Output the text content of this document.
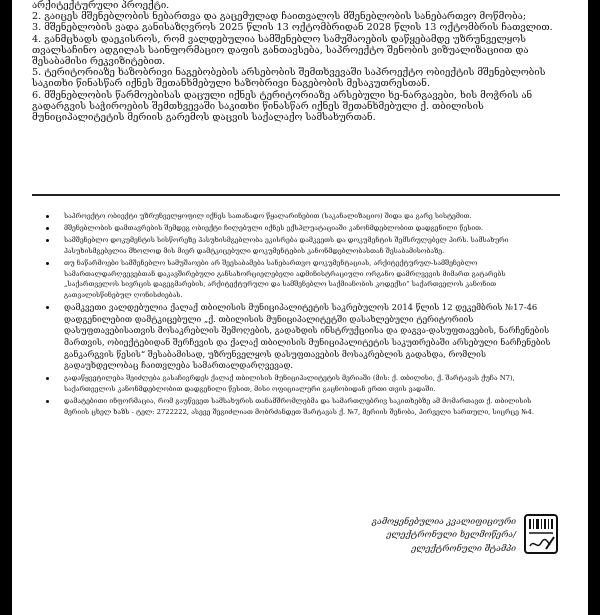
არქიტექტურული პროექტი.

2. გაიცეს მშენებლობის ნებართვა და გაცემულად ჩაითვალოს მშენებლობის სანებართვო მოწმობა;

3. მშენებლობის ვადა განისაზღვროს 2025 წლის 13 ოქტომბრიდან 2028 წლის 13 ოქტომბრის ჩათვლით.

4. განმცხადს დაეკისროს, რომ ვალდებულია სამშენებლო სამუშაოების დაწყებამდე უზრუნველყოს თვალსაჩინო ადგილას საინფორმაციო დაფის განთავსება, საპროექტო შენობის ვიზუალიზაციით და შესაბამისი რეკვიზიტებით.

5. ტერიტორიაზე ხაზობრივი ნაგებობების არსებობის შემთხვევაში საპროექტო ობიექტის მშენებლობის საკითხი წინასწარ იქნეს შეთანხმებული ხაზობრივი ნაგებობის მესაკუთრესთან.

6. მშენებლობის წარმოებისას დაცული იქნეს ტერიტორიაზე არსებული ხე-ნარგავები, ხის მოჭრის ან გადარგვის საჭიროების შემთხვევაში საკითხი წინასწარ იქნეს შეთანხმებული ქ. თბილისის მუნიციპალიტეტის მერიის გარემოს დაცვის საქალაქო სამსახურთან.

საპროექტო ობიექტი უზრუნველყოფილ იქნეს სათანადო წყალარინებით (საკანალიზაციო) შიდა და გარე სისტემით.
მშენებლობის დამთავრების შემდეგ ობიექტი ჩილებული იქნეს ექსპლუატაციაში კანონმდებლობით დადგენილი წესით.
სამშენებლო დოკუმენტის სისწორეზე პასუხისმგებლობა ეკისრება დამკვეთს და დოკუმენტის შემსრულებელ პირს. სამსახური პასუხისმგებელია მხოლოდ მის მიერ დამტკიცებული დოკუმენტების კანონმდებლობასთან შესაბამისობაზე.
თუ ნაწარმოები სამშენებლო სამუშაოები არ შეესაბამება სანებართვო დოკუმენტაციას, არქიტექტურულ-სამშენებლო სამართალდარღვევებთან დაკავშირებული განსახორციელებელი ადმინისტრაციული ორგანო დამრღვევის მიმართ გატარებს „საქართველოს სივრცის დაგეგმარების, არქიტექტურული და სამშენებლო საქმიანობის კოდექსი“ საქართველოს კანონით გათვალისწინებულ ღონისძიებას.
დამკვეთი ვალდებულია ქალაქ თბილისის მუნიციპალიტეტის საკრებულოს 2014 წლის 12 დეკემბრის №17-46 დადგენილებით დამტკიცებული „ქ. თბილისის მუნიციპალიტეტში დასახლებული ტერიტორიის დასუფთავებისათვის მოსაკრებლის შემოღების, გადახდის ინსტრუქციისა და დაგვა-დასუფთავების, ნარჩენების მართვის, ობიექტებიდან შერჩევის და ქალაქ თბილისის მუნიციპალიტეტის საკუთრებაში არსებული ნარჩენების განკარგვის წესის“ შესაბამისად, უზრუნველყოს დასუფთავების მოსაკრებლის გადახდა, რომლის გადაუხდელობაც ჩაითვლება სამართალდარღვევად.
გადაწყვეტილება შეიძლება გასაჩივრდეს ქალაქ თბილისის მუნიციპალიტეტის მერიაში (მის: ქ. თბილისი, ქ. შარტავას ქუჩა N7), საქართველოს კანონმდებლობით დადგენილი წესით, მისი ოფიციალური გაცნობიდან ერთი თვის ვადაში.
დამატებითი ინფორმაცია, რომ გაუწევეთ სამსახურის თანამშრომლებმა და სამართლებრივ საკითხებზე ამ მომართავთ ქ. თბილისის მერიის ცხელ ხაზს - ტელ: 2722222, ასევე შეგიძლიათ მობრძანდეთ შარტავას ქ. №7, მერიის შენობა, პირველი სართული, სიცრცე №4.
გამოყენებულია კვალიფიციური
ელექტრონული ხელმოწერა/
ელექტრონული შტამპი
